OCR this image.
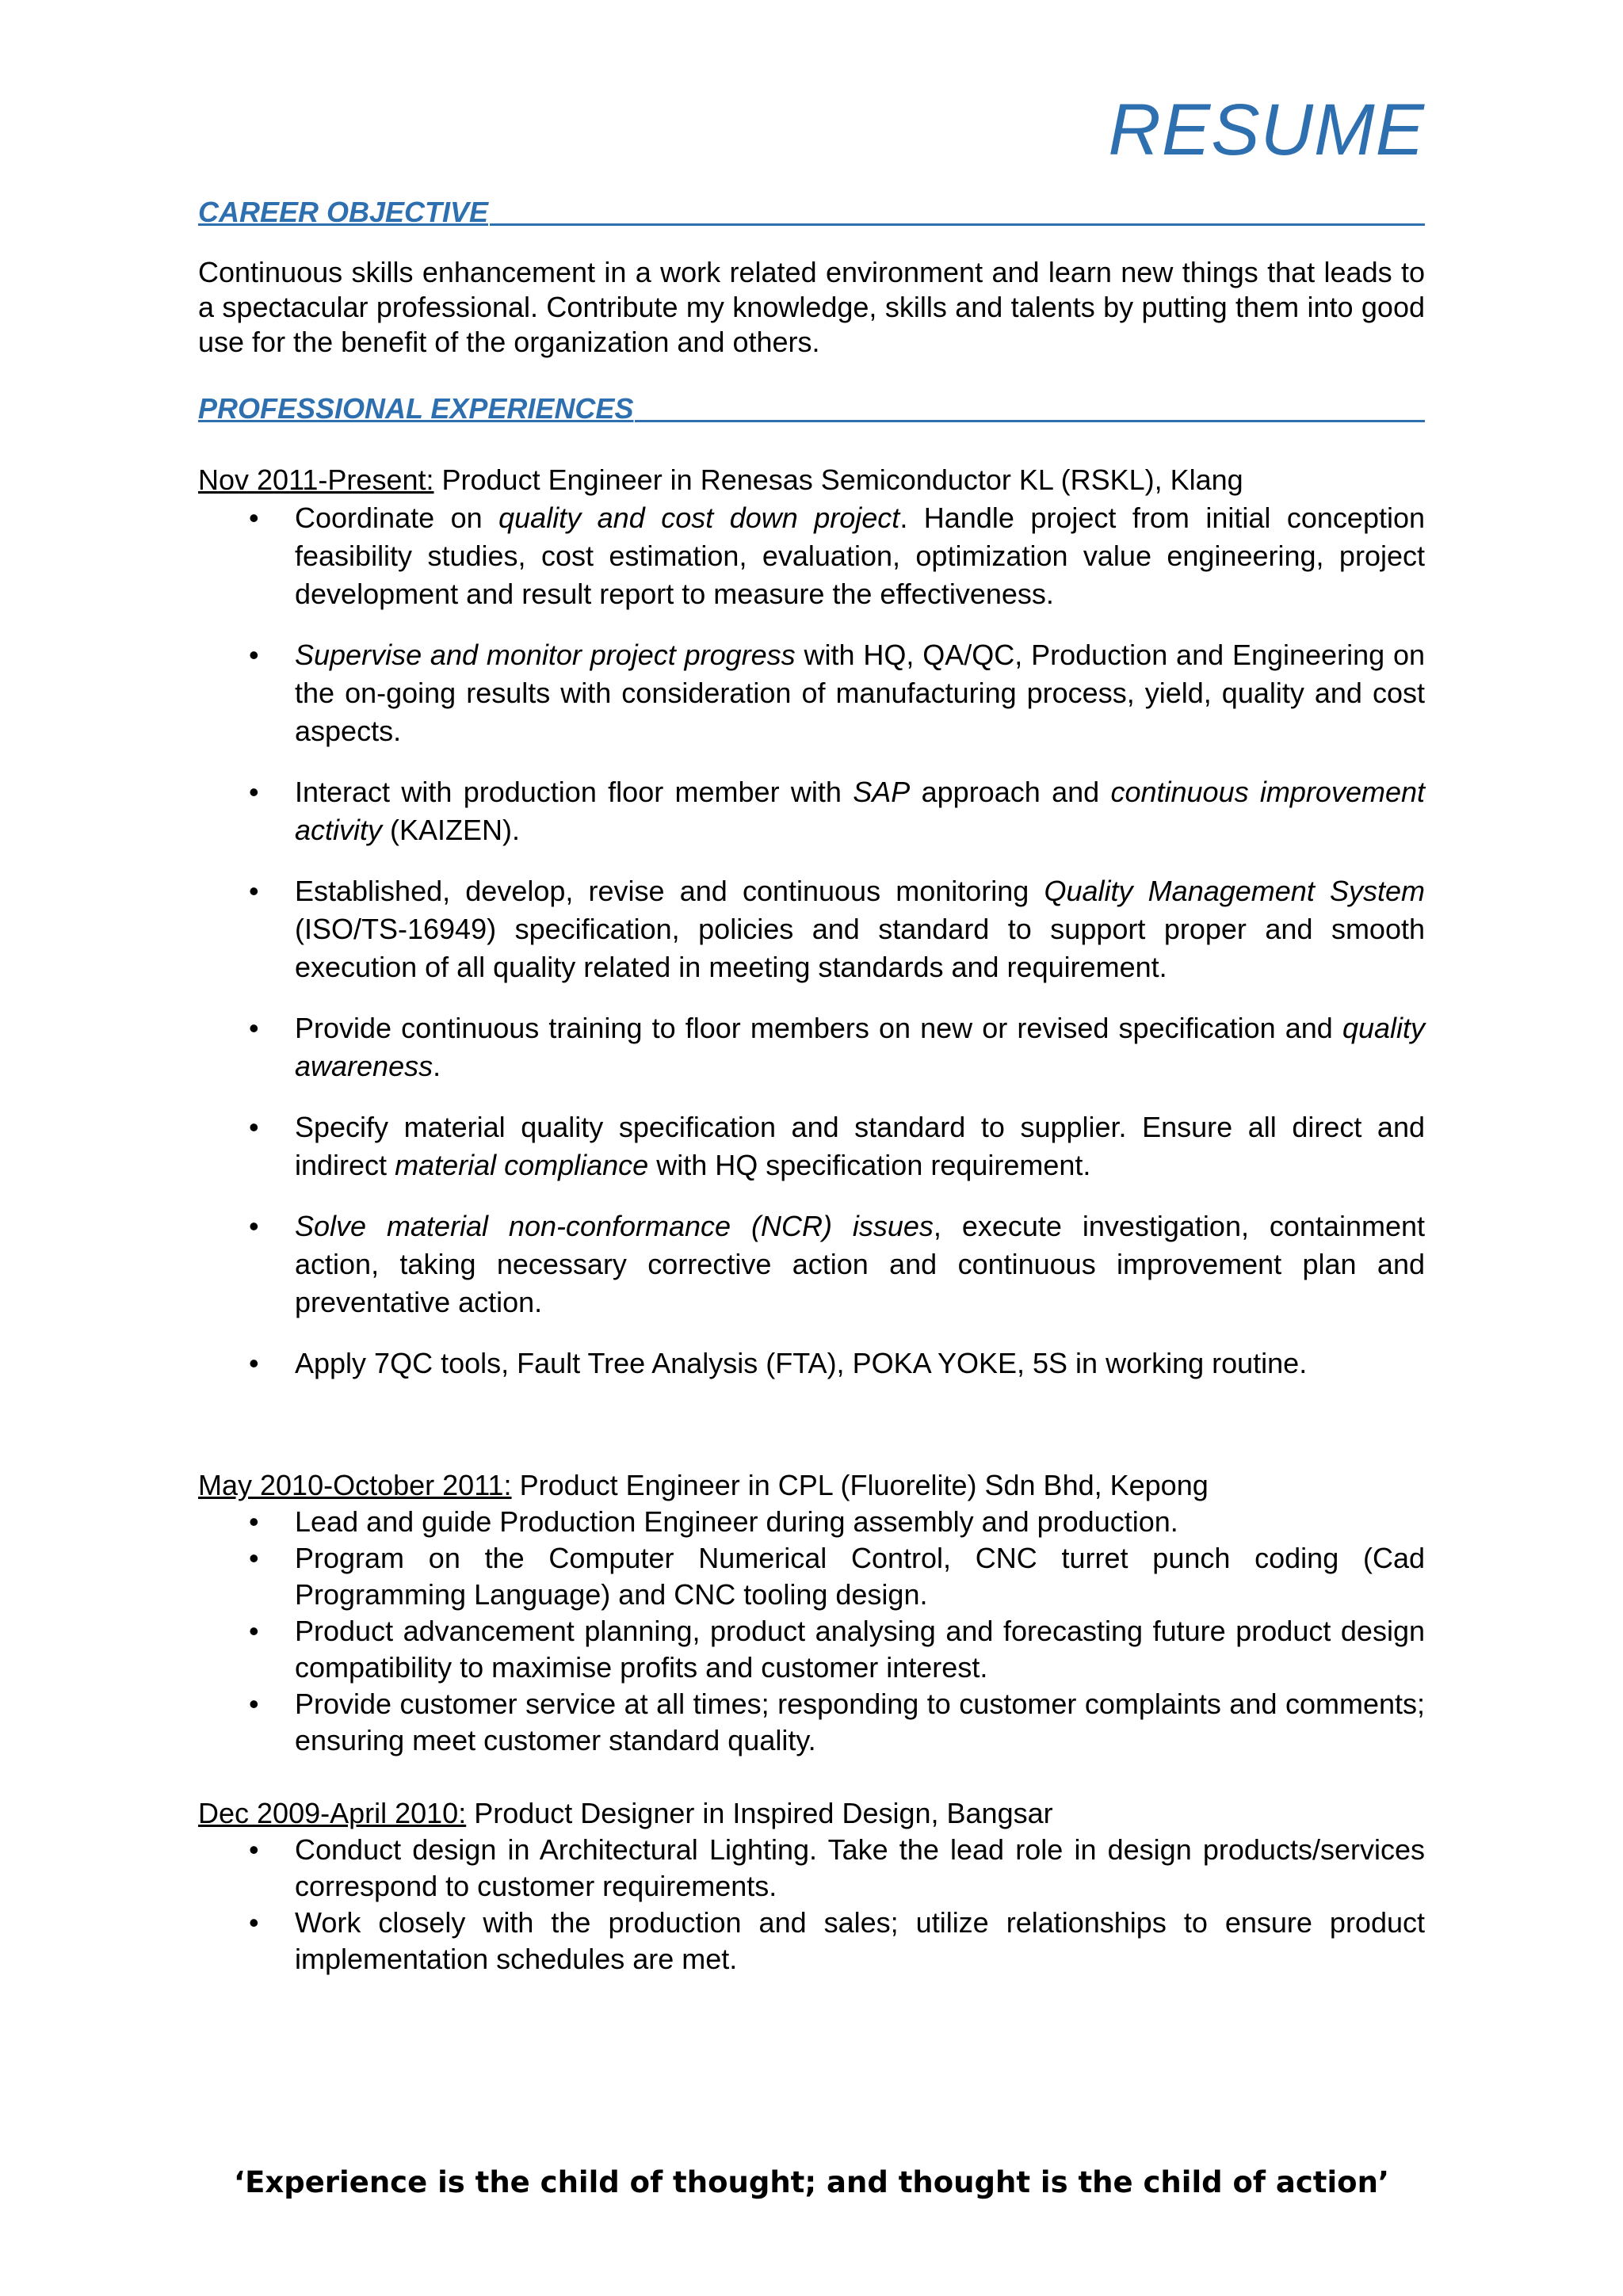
RESUME
CAREER OBJECTIVE
Continuous skills enhancement in a work related environment and learn new things that leads to a spectacular professional. Contribute my knowledge, skills and talents by putting them into good use for the benefit of the organization and others.
PROFESSIONAL EXPERIENCES
Nov 2011-Present: Product Engineer in Renesas Semiconductor KL (RSKL), Klang
• Coordinate on quality and cost down project. Handle project from initial conception feasibility studies, cost estimation, evaluation, optimization value engineering, project development and result report to measure the effectiveness.
• Supervise and monitor project progress with HQ, QA/QC, Production and Engineering on the on-going results with consideration of manufacturing process, yield, quality and cost aspects.
• Interact with production floor member with SAP approach and continuous improvement activity (KAIZEN).
• Established, develop, revise and continuous monitoring Quality Management System (ISO/TS-16949) specification, policies and standard to support proper and smooth execution of all quality related in meeting standards and requirement.
• Provide continuous training to floor members on new or revised specification and quality awareness.
• Specify material quality specification and standard to supplier. Ensure all direct and indirect material compliance with HQ specification requirement.
• Solve material non-conformance (NCR) issues, execute investigation, containment action, taking necessary corrective action and continuous improvement plan and preventative action.
• Apply 7QC tools, Fault Tree Analysis (FTA), POKA YOKE, 5S in working routine.
May 2010-October 2011: Product Engineer in CPL (Fluorelite) Sdn Bhd, Kepong
• Lead and guide Production Engineer during assembly and production.
• Program on the Computer Numerical Control, CNC turret punch coding (Cad Programming Language) and CNC tooling design.
• Product advancement planning, product analysing and forecasting future product design compatibility to maximise profits and customer interest.
• Provide customer service at all times; responding to customer complaints and comments; ensuring meet customer standard quality.
Dec 2009-April 2010: Product Designer in Inspired Design, Bangsar
• Conduct design in Architectural Lighting. Take the lead role in design products/services correspond to customer requirements.
• Work closely with the production and sales; utilize relationships to ensure product implementation schedules are met.
‘Experience is the child of thought; and thought is the child of action’
